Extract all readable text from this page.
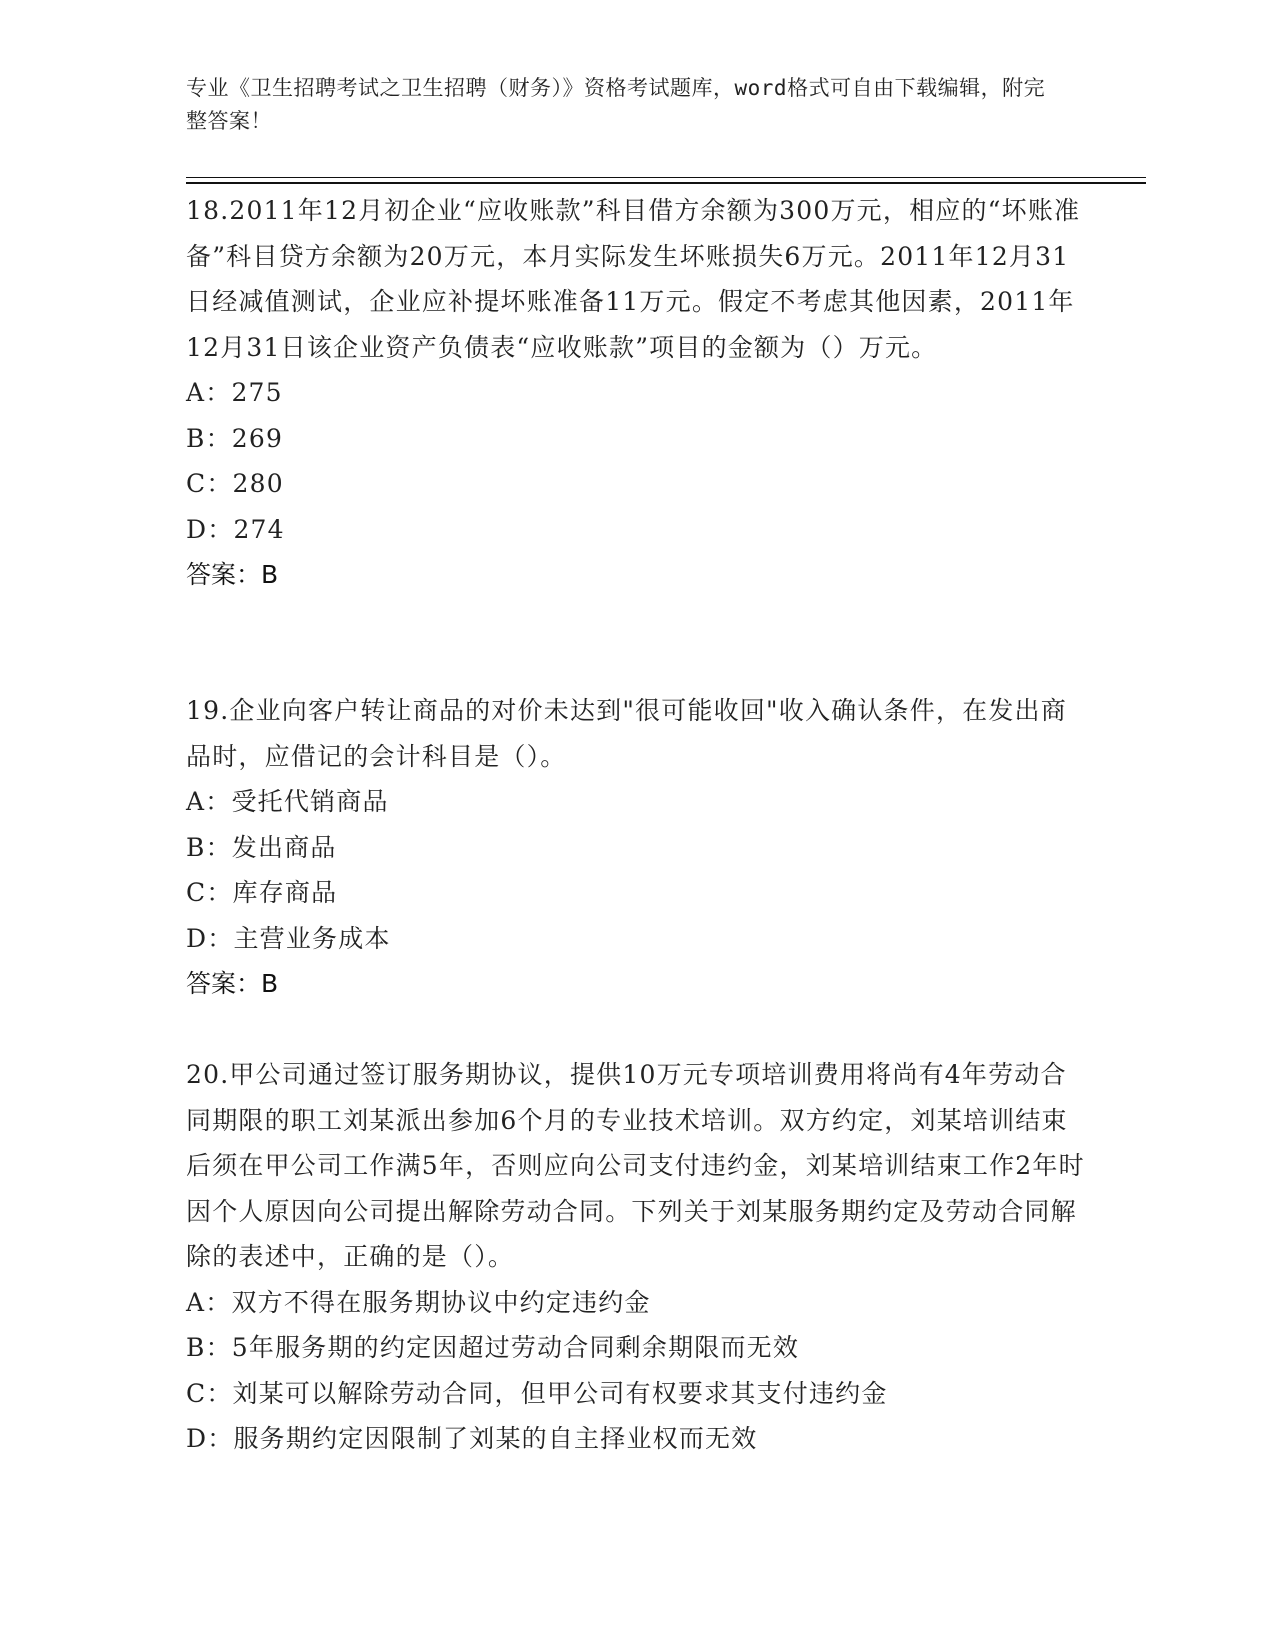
专业《卫生招聘考试之卫生招聘（财务）》资格考试题库，word格式可自由下载编辑，附完整答案！

18.2011年12月初企业“应收账款”科目借方余额为300万元，相应的“坏账准备”科目贷方余额为20万元，本月实际发生坏账损失6万元。2011年12月31日经减值测试，企业应补提坏账准备11万元。假定不考虑其他因素，2011年12月31日该企业资产负债表“应收账款”项目的金额为（）万元。

A：275
B：269
C：280
D：274
答案：B

19.企业向客户转让商品的对价未达到"很可能收回"收入确认条件，在发出商品时，应借记的会计科目是（）。

A：受托代销商品
B：发出商品
C：库存商品
D：主营业务成本
答案：B

20.甲公司通过签订服务期协议，提供10万元专项培训费用将尚有4年劳动合同期限的职工刘某派出参加6个月的专业技术培训。双方约定，刘某培训结束后须在甲公司工作满5年，否则应向公司支付违约金，刘某培训结束工作2年时因个人原因向公司提出解除劳动合同。下列关于刘某服务期约定及劳动合同解除的表述中，正确的是（）。

A：双方不得在服务期协议中约定违约金
B：5年服务期的约定因超过劳动合同剩余期限而无效
C：刘某可以解除劳动合同，但甲公司有权要求其支付违约金
D：服务期约定因限制了刘某的自主择业权而无效
